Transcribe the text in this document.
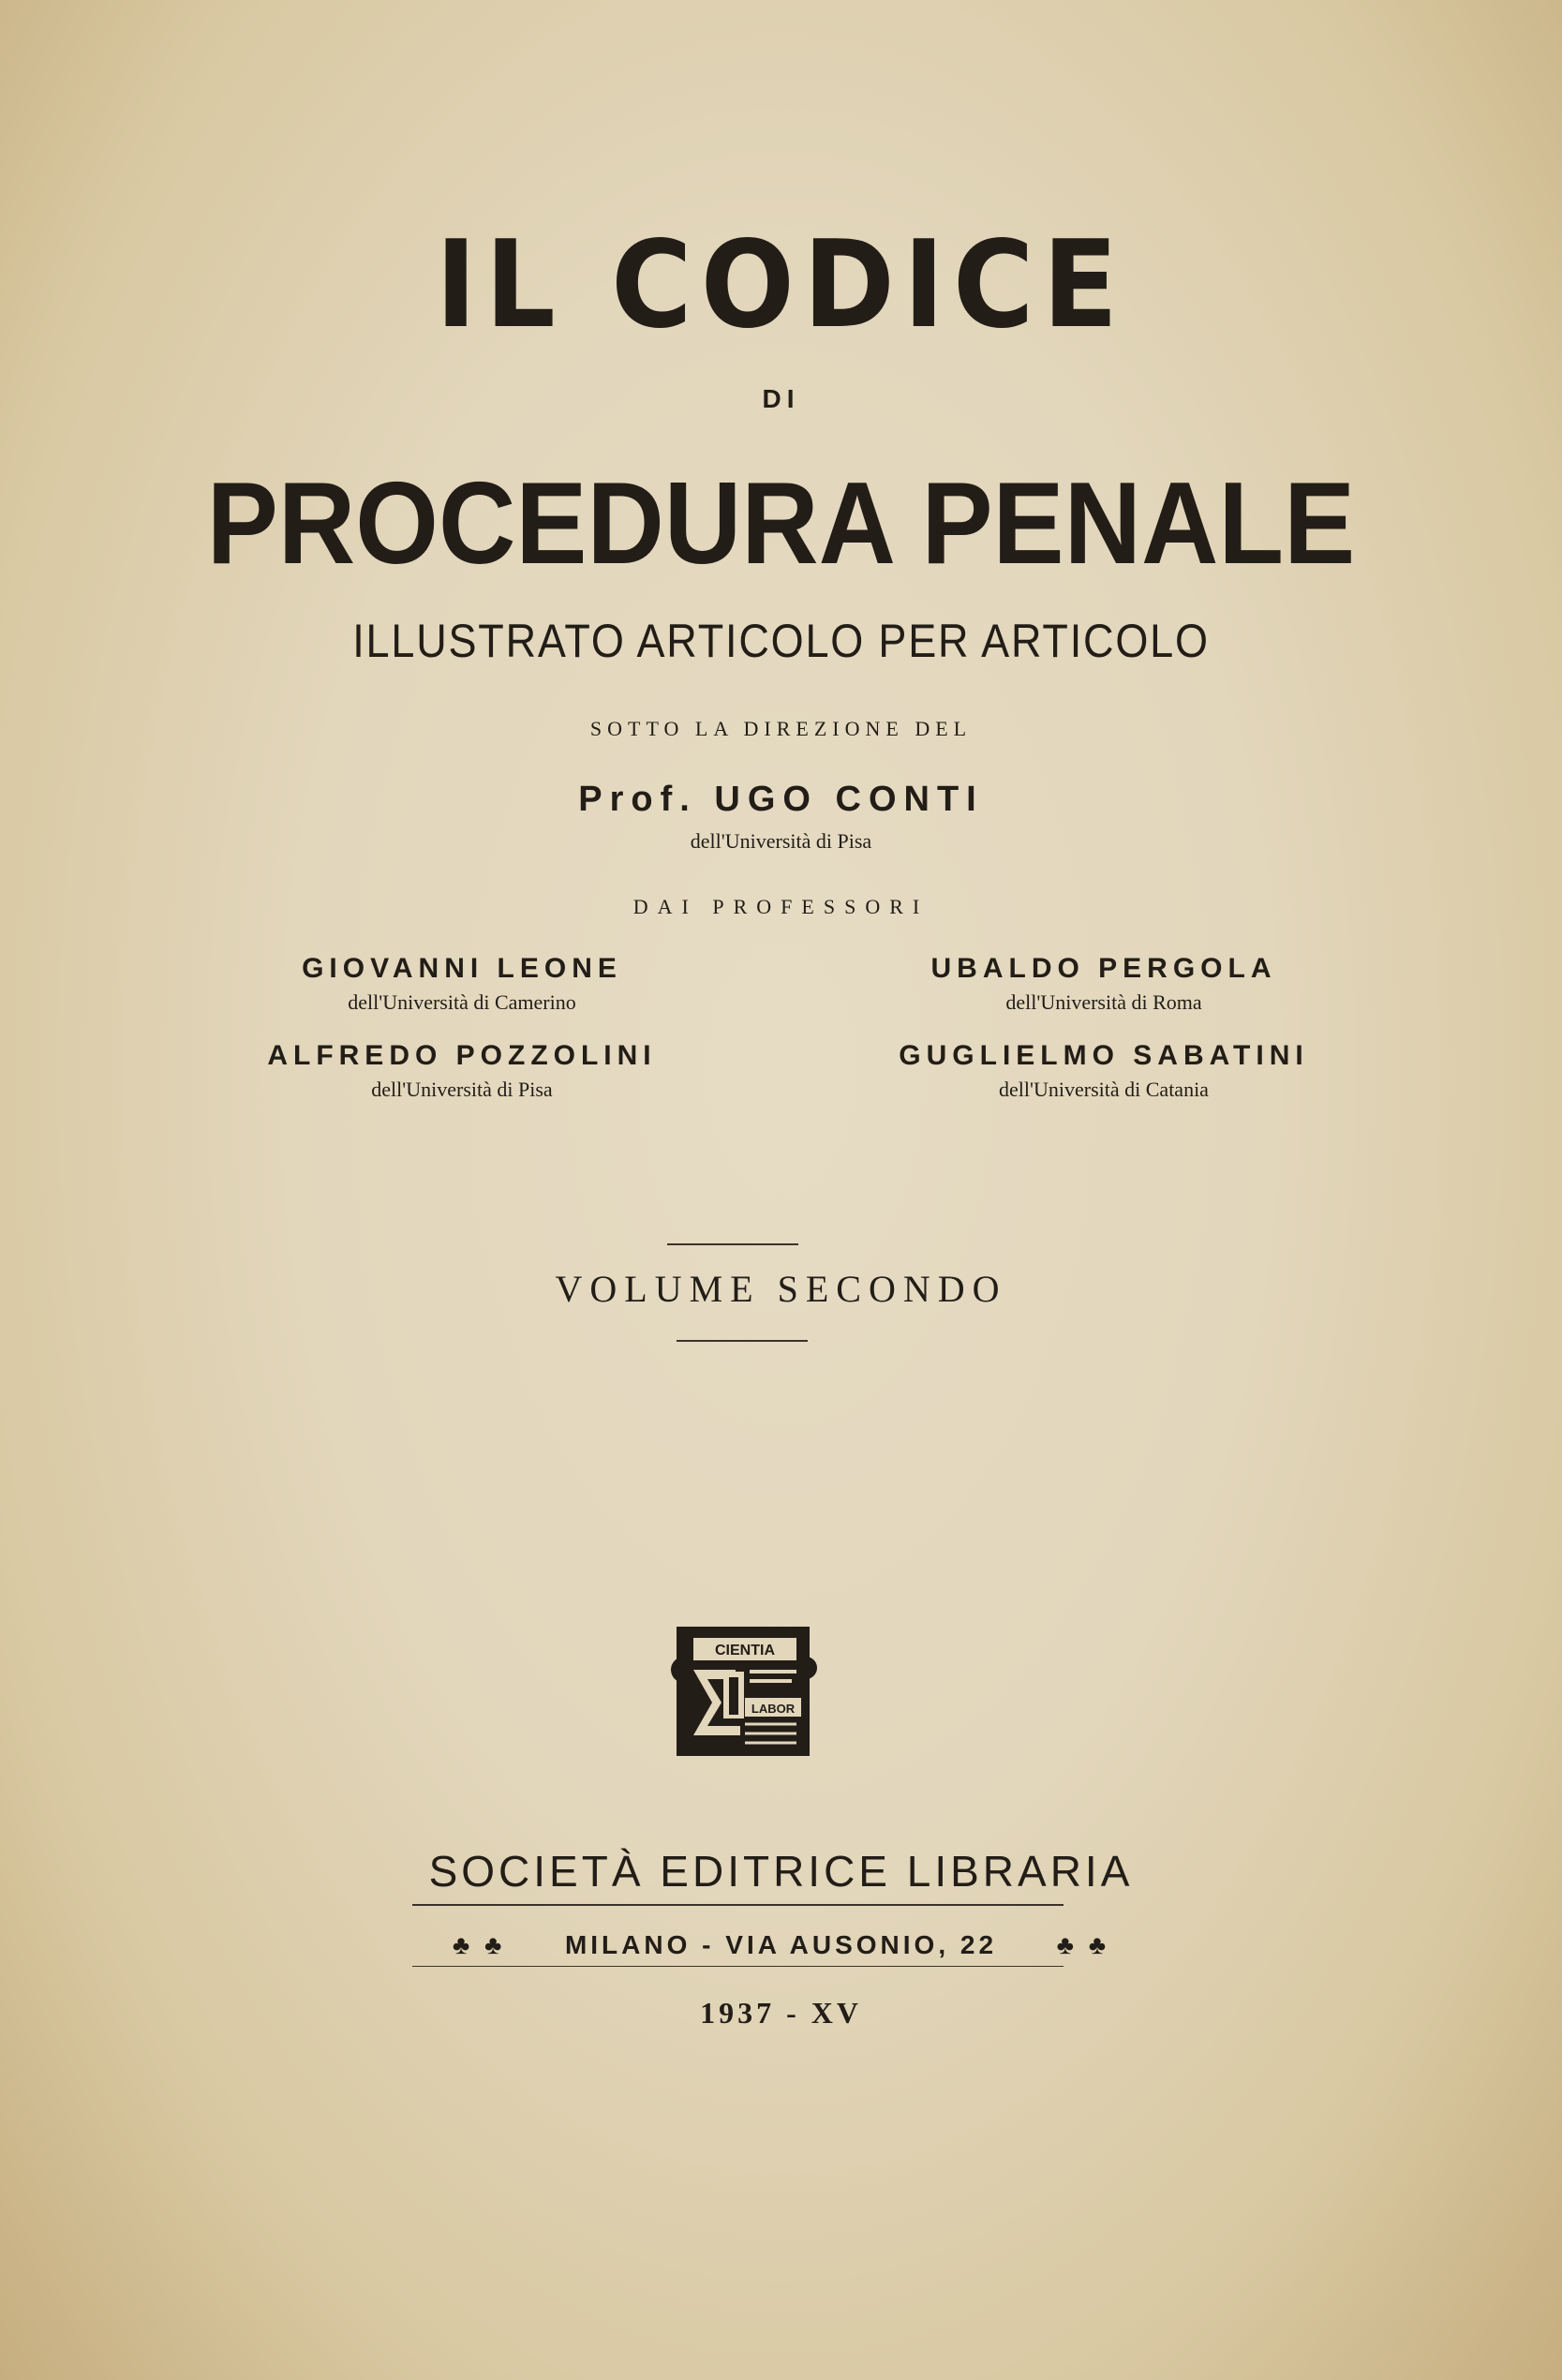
IL CODICE
DI
PROCEDURA PENALE
ILLUSTRATO ARTICOLO PER ARTICOLO
SOTTO LA DIREZIONE DEL
Prof. UGO CONTI
dell'Università di Pisa
DAI PROFESSORI
GIOVANNI LEONE
dell'Università di Camerino
UBALDO PERGOLA
dell'Università di Roma
ALFREDO POZZOLINI
dell'Università di Pisa
GUGLIELMO SABATINI
dell'Università di Catania
VOLUME SECONDO
CIENTIA
LABOR
SOCIETÀ EDITRICE LIBRARIA
♣ ♣ MILANO - VIA AUSONIO, 22 ♣ ♣
1937 - XV
